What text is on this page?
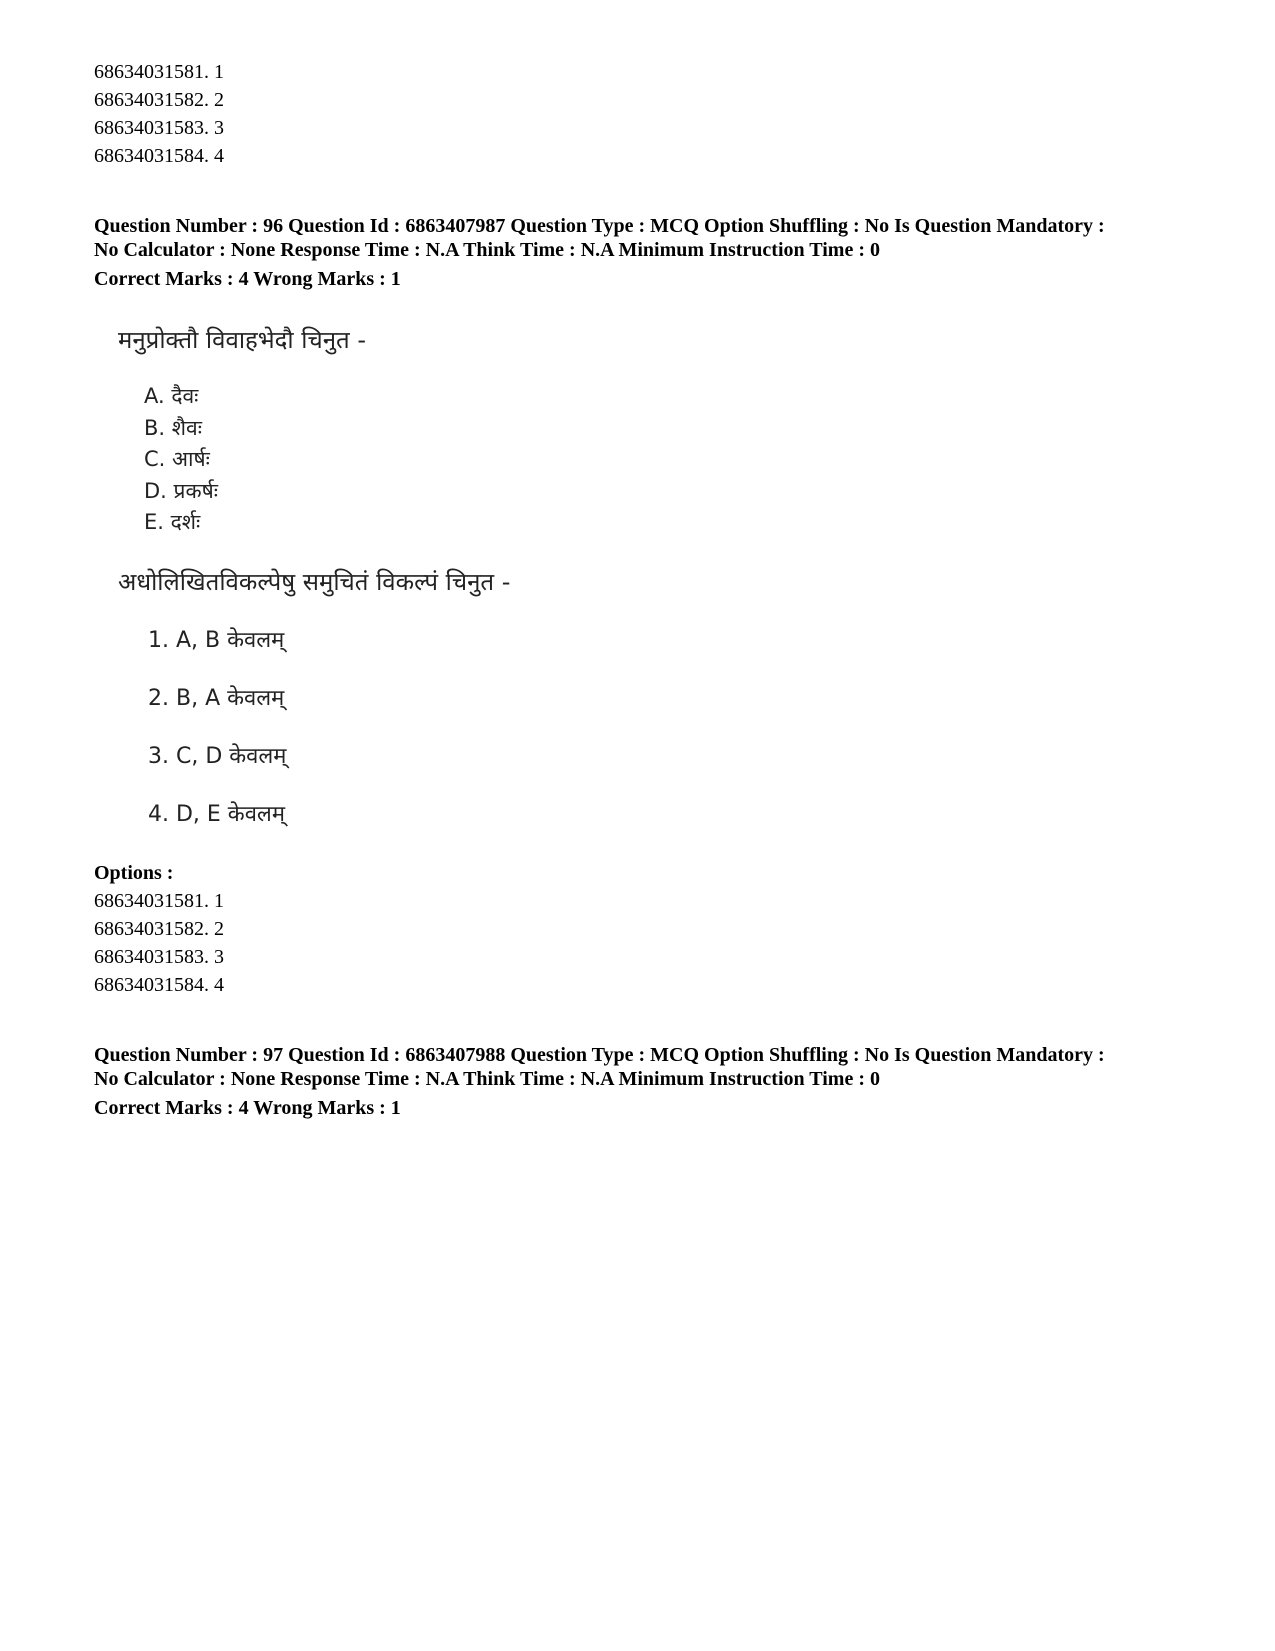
68634031581. 1
68634031582. 2
68634031583. 3
68634031584. 4
Question Number : 96 Question Id : 6863407987 Question Type : MCQ Option Shuffling : No Is Question Mandatory :
No Calculator : None Response Time : N.A Think Time : N.A Minimum Instruction Time : 0
Correct Marks : 4 Wrong Marks : 1
मनुप्रोक्तौ विवाहभेदौ चिनुत -
A. दैवः
B. शैवः
C. आर्षः
D. प्रकर्षः
E. दर्शः
अधोलिखितविकल्पेषु समुचितं विकल्पं चिनुत -
1. A, B केवलम्
2. B, A केवलम्
3. C, D केवलम्
4. D, E केवलम्
Options :
68634031581. 1
68634031582. 2
68634031583. 3
68634031584. 4
Question Number : 97 Question Id : 6863407988 Question Type : MCQ Option Shuffling : No Is Question Mandatory :
No Calculator : None Response Time : N.A Think Time : N.A Minimum Instruction Time : 0
Correct Marks : 4 Wrong Marks : 1
